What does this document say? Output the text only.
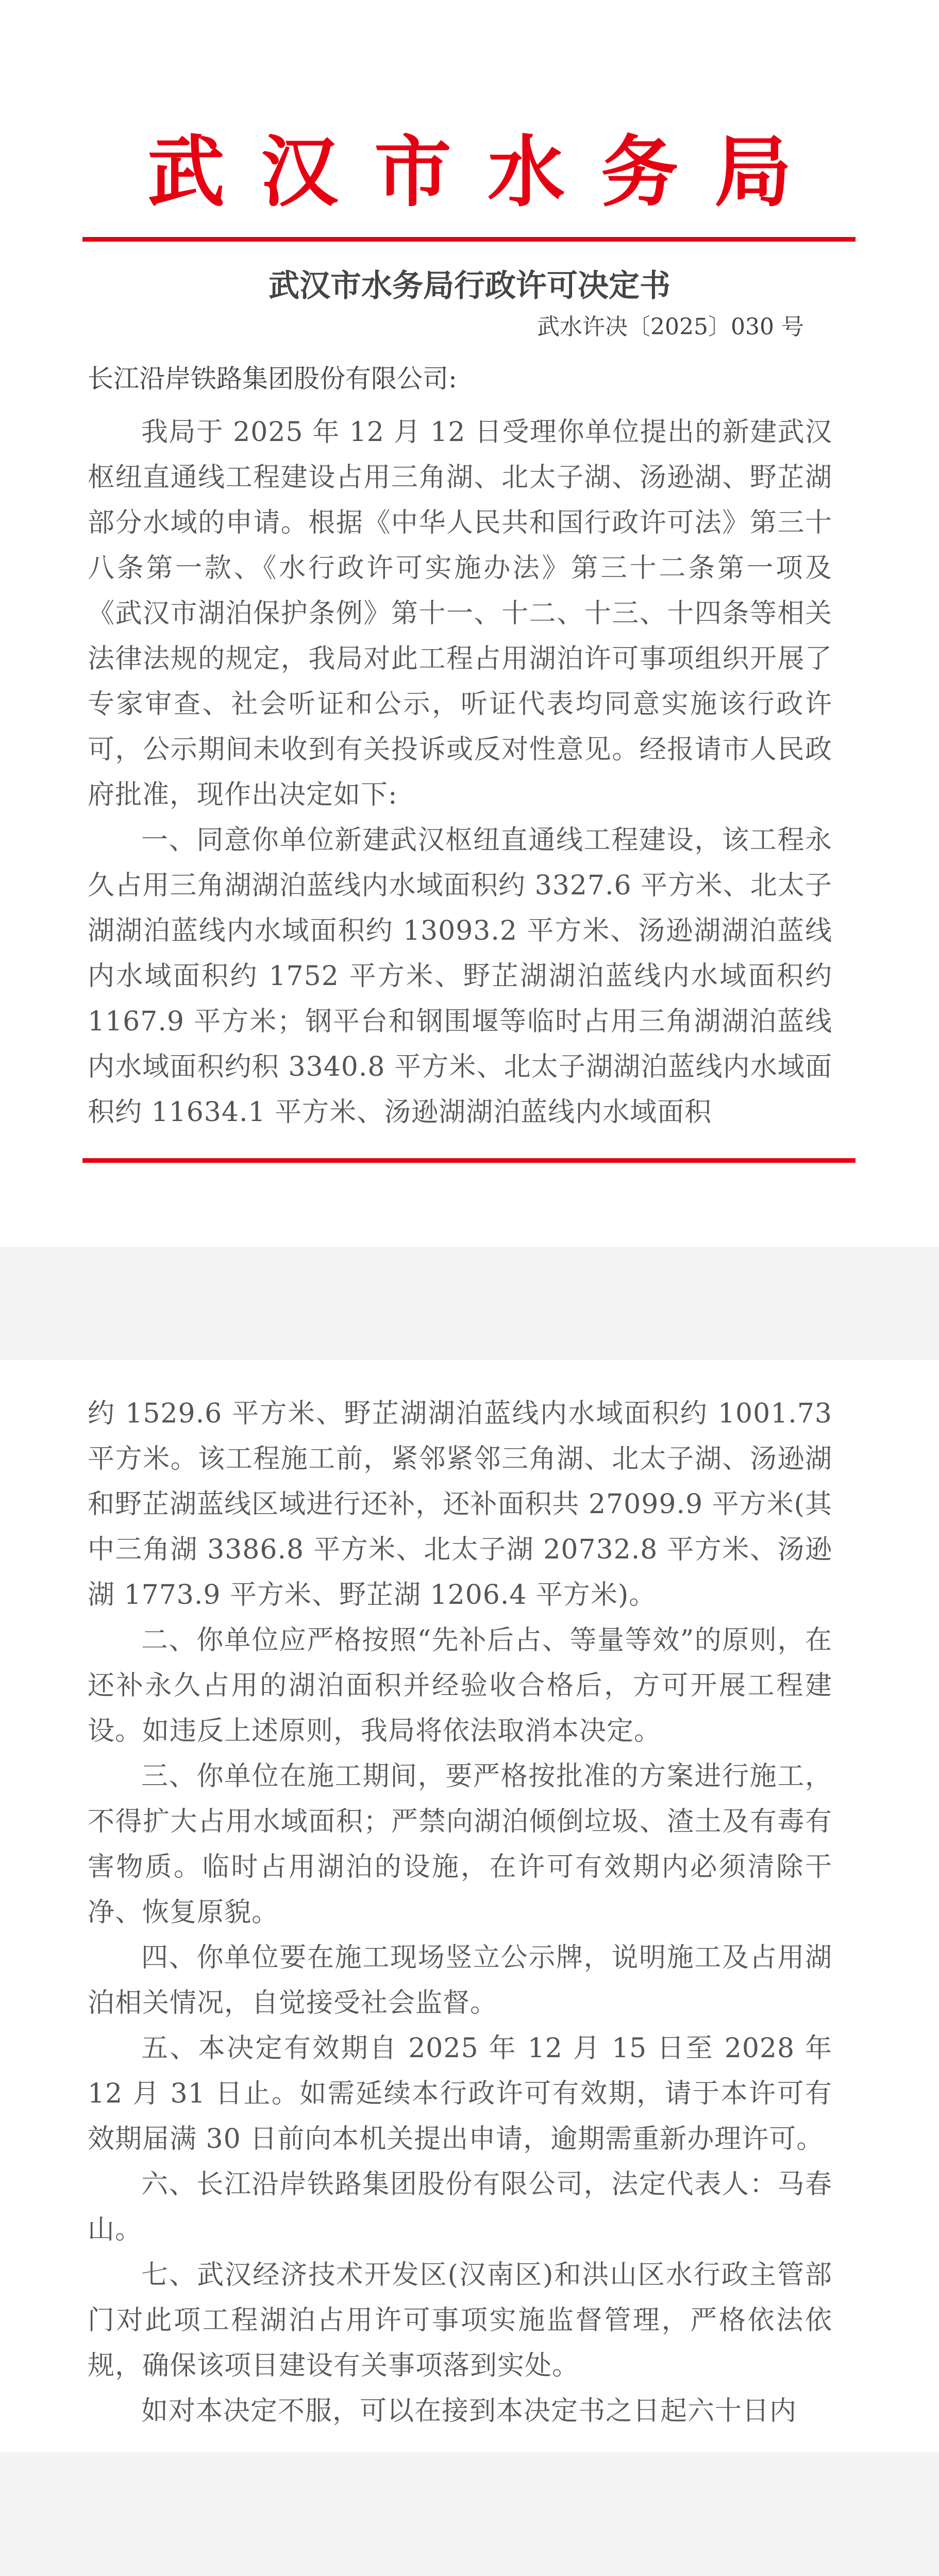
武汉市水务局
武汉市水务局行政许可决定书
武水许决〔2025〕030 号
长江沿岸铁路集团股份有限公司:

我局于 2025 年 12 月 12 日受理你单位提出的新建武汉枢纽直通线工程建设占用三角湖、北太子湖、汤逊湖、野芷湖部分水域的申请。根据《中华人民共和国行政许可法》第三十八条第一款、《水行政许可实施办法》第三十二条第一项及《武汉市湖泊保护条例》第十一、十二、十三、十四条等相关法律法规的规定，我局对此工程占用湖泊许可事项组织开展了专家审查、社会听证和公示，听证代表均同意实施该行政许可，公示期间未收到有关投诉或反对性意见。经报请市人民政府批准，现作出决定如下:

一、同意你单位新建武汉枢纽直通线工程建设，该工程永久占用三角湖湖泊蓝线内水域面积约 3327.6 平方米、北太子湖湖泊蓝线内水域面积约 13093.2 平方米、汤逊湖湖泊蓝线内水域面积约 1752 平方米、野芷湖湖泊蓝线内水域面积约 1167.9 平方米；钢平台和钢围堰等临时占用三角湖湖泊蓝线内水域面积约积 3340.8 平方米、北太子湖湖泊蓝线内水域面积约 11634.1 平方米、汤逊湖湖泊蓝线内水域面积

约 1529.6 平方米、野芷湖湖泊蓝线内水域面积约 1001.73 平方米。该工程施工前，紧邻紧邻三角湖、北太子湖、汤逊湖和野芷湖蓝线区域进行还补，还补面积共 27099.9 平方米(其中三角湖 3386.8 平方米、北太子湖 20732.8 平方米、汤逊湖 1773.9 平方米、野芷湖 1206.4 平方米)。

二、你单位应严格按照“先补后占、等量等效”的原则，在还补永久占用的湖泊面积并经验收合格后，方可开展工程建设。如违反上述原则，我局将依法取消本决定。

三、你单位在施工期间，要严格按批准的方案进行施工，不得扩大占用水域面积；严禁向湖泊倾倒垃圾、渣土及有毒有害物质。临时占用湖泊的设施，在许可有效期内必须清除干净、恢复原貌。

四、你单位要在施工现场竖立公示牌，说明施工及占用湖泊相关情况，自觉接受社会监督。

五、本决定有效期自 2025 年 12 月 15 日至 2028 年 12 月 31 日止。如需延续本行政许可有效期，请于本许可有效期届满 30 日前向本机关提出申请，逾期需重新办理许可。

六、长江沿岸铁路集团股份有限公司，法定代表人：马春山。

七、武汉经济技术开发区(汉南区)和洪山区水行政主管部门对此项工程湖泊占用许可事项实施监督管理，严格依法依规，确保该项目建设有关事项落到实处。

如对本决定不服，可以在接到本决定书之日起六十日内
